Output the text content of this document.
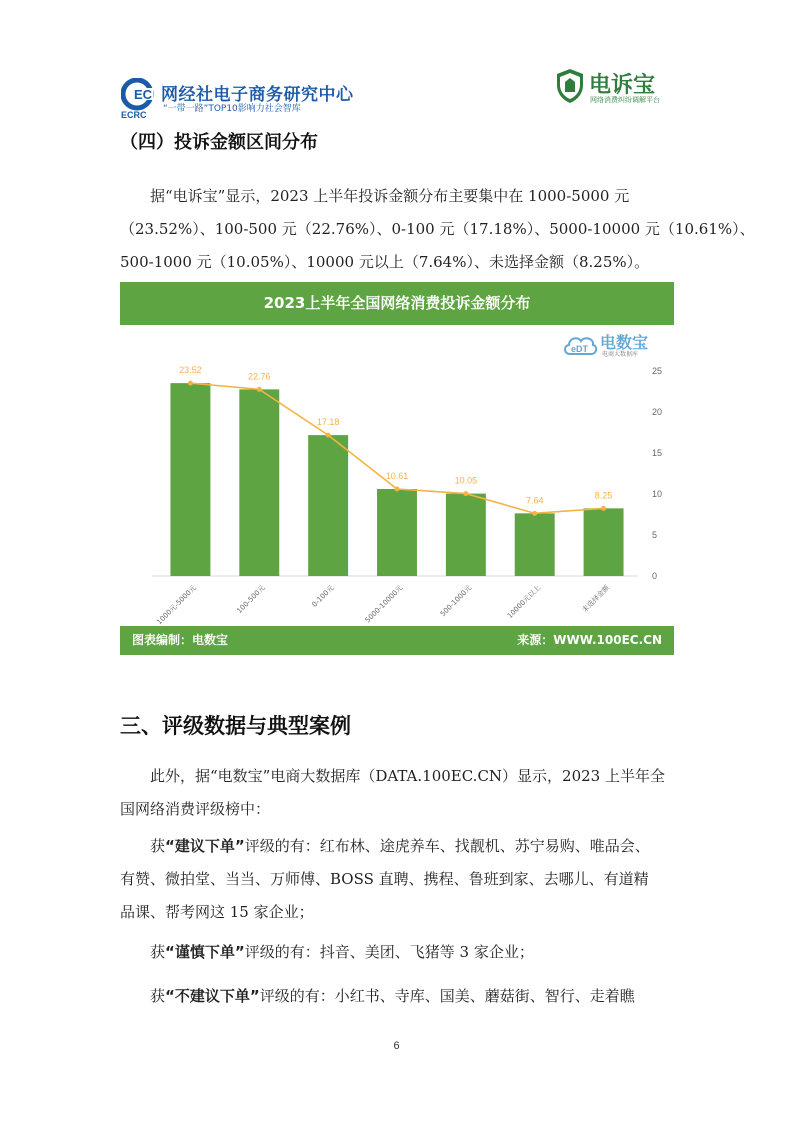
EC 网经社电子商务研究中心
“一带一路”TOP10影响力社会智库
ECRC
电诉宝
网络消费纠纷调解平台
（四）投诉金额区间分布
据“电诉宝”显示，2023 上半年投诉金额分布主要集中在 1000-5000 元
（23.52%）、100-500 元（22.76%）、0-100 元（17.18%）、5000-10000 元（10.61%）、
500-1000 元（10.05%）、10000 元以上（7.64%）、未选择金额（8.25%）。
2023上半年全国网络消费投诉金额分布
eDT 电数宝
电商大数据库
0
5
10
15
20
25
23.52
1000元-5000元
22.76
100-500元
17.18
0-100元
10.61
5000-10000元
10.05
500-1000元
7.64
10000元以上
8.25
未选择金额
图表编制：电数宝	来源：WWW.100EC.CN
三、评级数据与典型案例
此外，据“电数宝”电商大数据库（DATA.100EC.CN）显示，2023 上半年全
国网络消费评级榜中：
获“建议下单”评级的有：红布林、途虎养车、找靓机、苏宁易购、唯品会、
有赞、微拍堂、当当、万师傅、BOSS 直聘、携程、鲁班到家、去哪儿、有道精
品课、帮考网这 15 家企业；
获“谨慎下单”评级的有：抖音、美团、飞猪等 3 家企业；
获“不建议下单”评级的有：小红书、寺库、国美、蘑菇街、智行、走着瞧
6
